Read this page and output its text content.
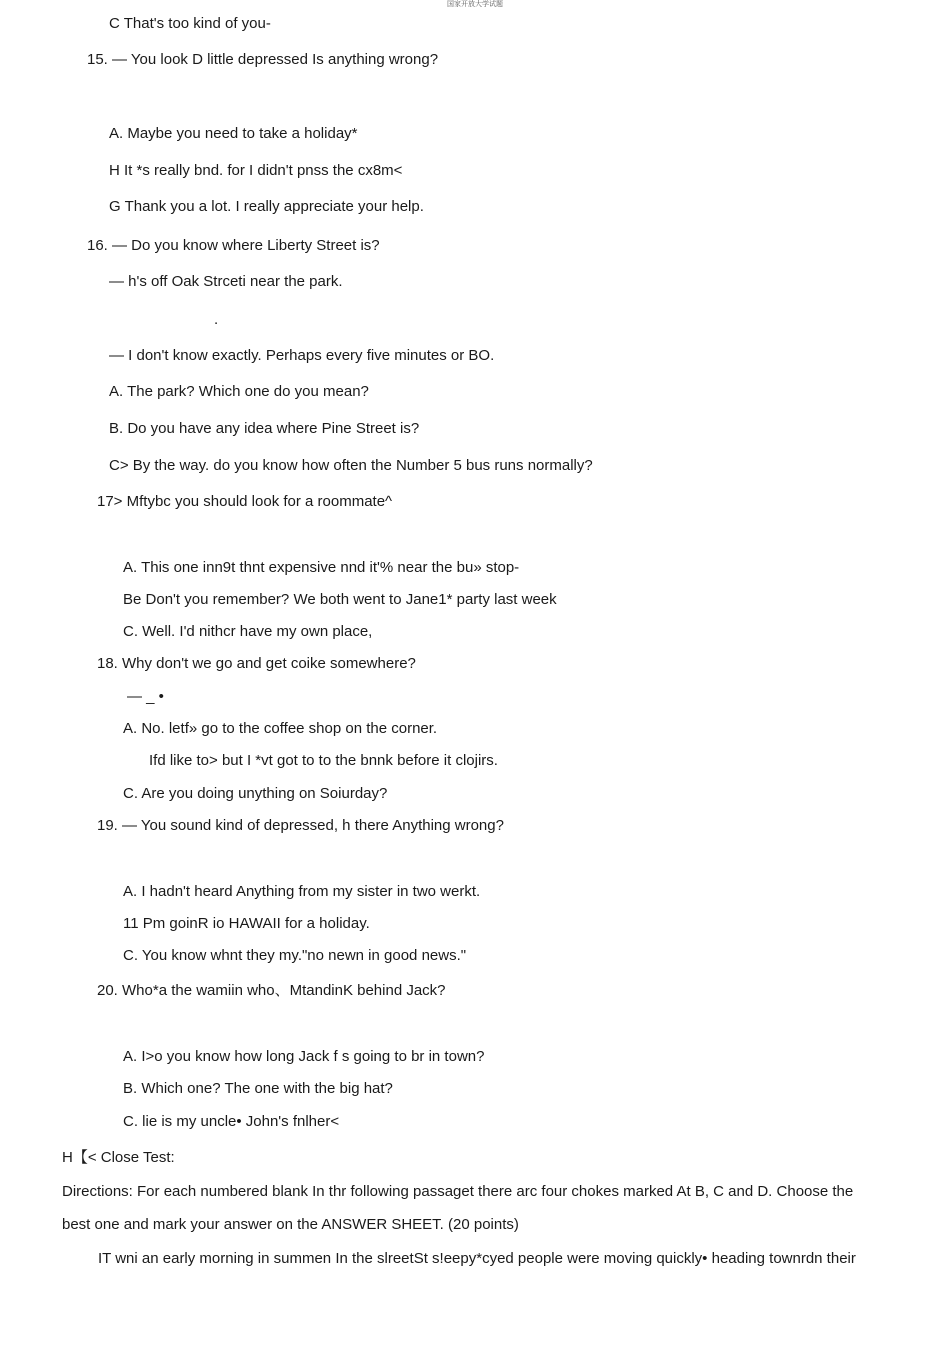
国家开放大学试题
C That's too kind of you-
15. — You look D little depressed Is anything wrong?
A. Maybe you need to take a holiday*
H It *s really bnd. for I didn't pnss the cx8m<
G Thank you a lot. I really appreciate your help.
16. — Do you know where Liberty Street is?
— h's off Oak Strceti near the park.
.
— I don't know exactly. Perhaps every five minutes or BO.
A. The park? Which one do you mean?
B. Do you have any idea where Pine Street is?
C> By the way. do you know how often the Number 5 bus runs normally?
17> Mftybc you should look for a roommate^
A. This one inn9t thnt expensive nnd it'% near the bu» stop-
Be Don't you remember? We both went to Jane1* party last week
C. Well. I'd nithcr have my own place,
18. Why don't we go and get coike somewhere?
— _ •
A. No. letf» go to the coffee shop on the corner.
Ifd like to> but I *vt got to to the bnnk before it clojirs.
C. Are you doing unything on Soiurday?
19. — You sound kind of depressed, h there Anything wrong?
A. I hadn't heard Anything from my sister in two werkt.
11 Pm goinR io HAWAII for a holiday.
C. You know whnt they my."no newn in good news."
20. Who*a the wamiin who、MtandinK behind Jack?
A. I>o you know how long Jack f s going to br in town?
B. Which one? The one with the big hat?
C. lie is my uncle• John's fnlher<
H【< Close Test:
Directions: For each numbered blank In thr following passaget there arc four chokes marked At B, C and D. Choose the
best one and mark your answer on the ANSWER SHEET. (20 points)
IT wni an early morning in summen In the slreetSt s!eepy*cyed people were moving quickly• heading townrdn their
